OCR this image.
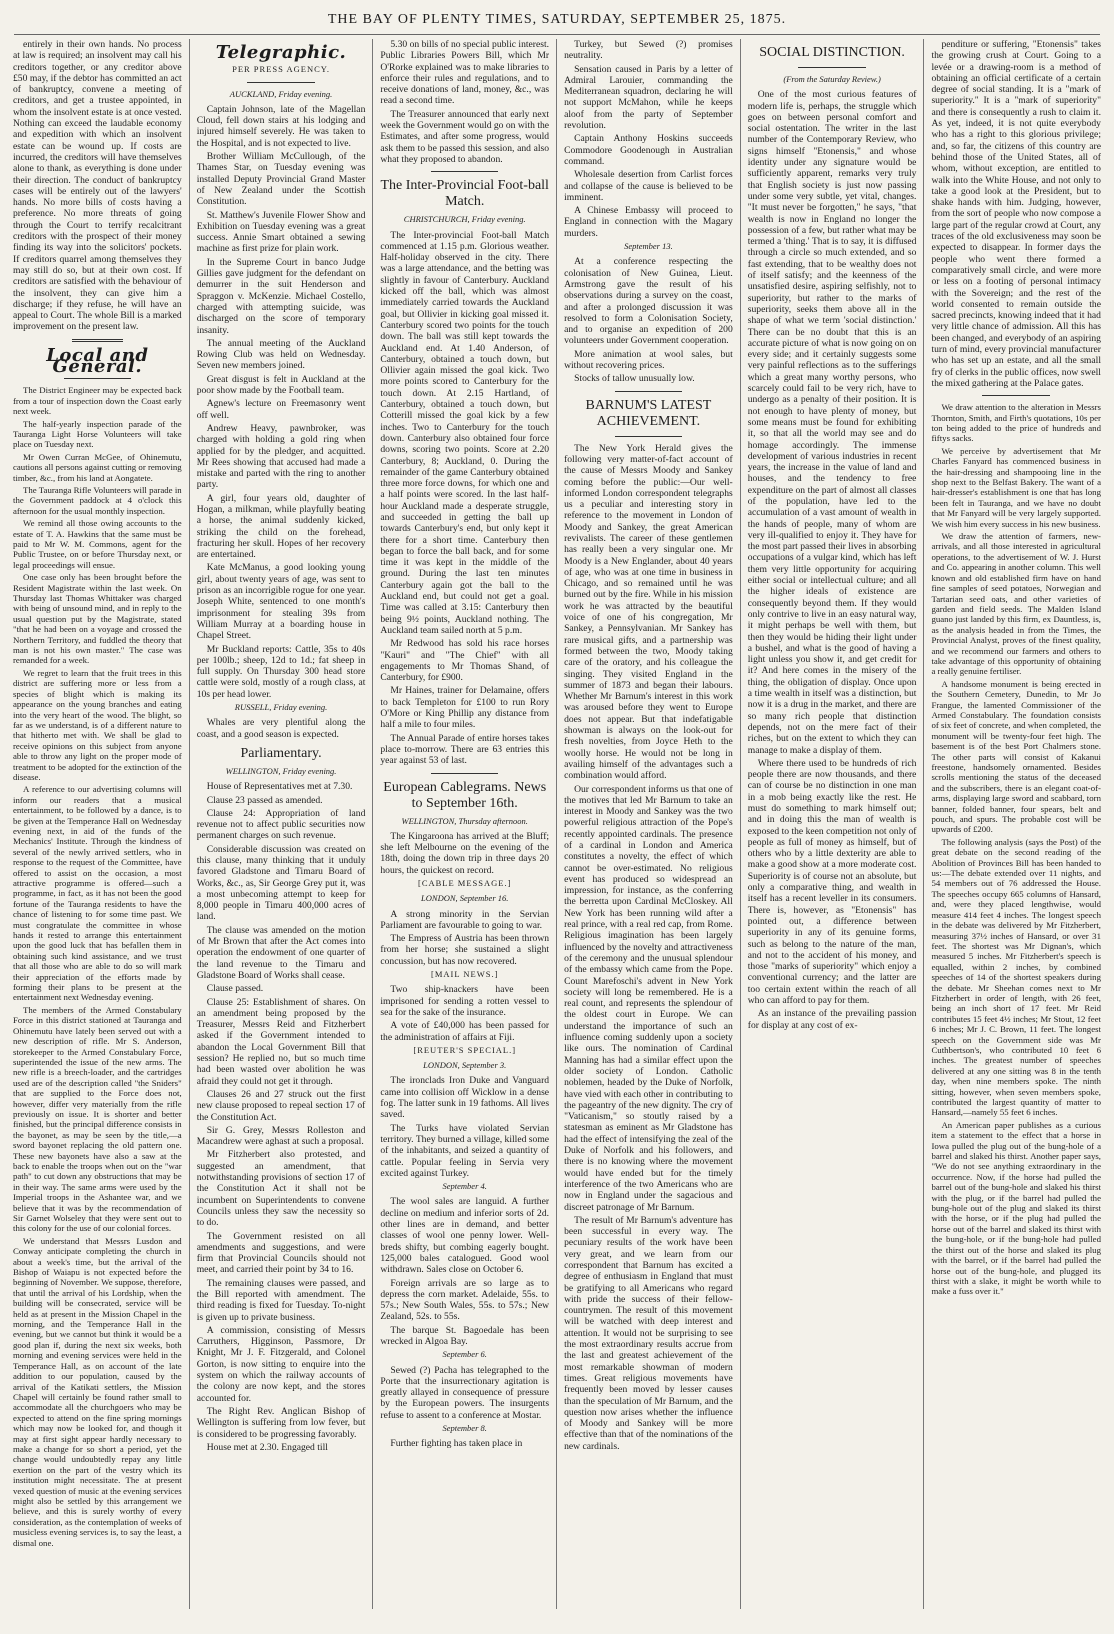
THE BAY OF PLENTY TIMES, SATURDAY, SEPTEMBER 25, 1875.

entirely in their own hands. No process at law is required; an insolvent may call his creditors together, or any creditor above £50 may, if the debtor has committed an act of bankruptcy, convene a meeting of creditors, and get a trustee appointed, in whom the insolvent estate is at once vested. Nothing can exceed the laudable economy and expedition with which an insolvent estate can be wound up. If costs are incurred, the creditors will have themselves alone to thank, as everything is done under their direction. The conduct of bankruptcy cases will be entirely out of the lawyers' hands. No more bills of costs having a preference. No more threats of going through the Court to terrify recalcitrant creditors with the prospect of their money finding its way into the solicitors' pockets. If creditors quarrel among themselves they may still do so, but at their own cost. If creditors are satisfied with the behaviour of the insolvent, they can give him a discharge; if they refuse, he will have an appeal to Court. The whole Bill is a marked improvement on the present law.

Local and General.

The District Engineer may be expected back from a tour of inspection down the Coast early next week.

The half-yearly inspection parade of the Tauranga Light Horse Volunteers will take place on Tuesday next.

Mr Owen Curran McGee, of Ohinemutu, cautions all persons against cutting or removing timber, &c., from his land at Aongatete.

The Tauranga Rifle Volunteers will parade in the Government paddock at 4 o'clock this afternoon for the usual monthly inspection.

We remind all those owing accounts to the estate of T. A. Hawkins that the same must be paid to Mr W. M. Commons, agent for the Public Trustee, on or before Thursday next, or legal proceedings will ensue.

One case only has been brought before the Resident Magistrate within the last week. On Thursday last Thomas Whittaker was charged with being of unsound mind, and in reply to the usual question put by the Magistrate, stated "that he had been on a voyage and crossed the Northern Territory, and fuddled the theory that man is not his own master." The case was remanded for a week.

We regret to learn that the fruit trees in this district are suffering more or less from a species of blight which is making its appearance on the young branches and eating into the very heart of the wood. The blight, so far as we understand, is of a different nature to that hitherto met with. We shall be glad to receive opinions on this subject from anyone able to throw any light on the proper mode of treatment to be adopted for the extinction of the disease.

A reference to our advertising columns will inform our readers that a musical entertainment, to be followed by a dance, is to be given at the Temperance Hall on Wednesday evening next, in aid of the funds of the Mechanics' Institute. Through the kindness of several of the newly arrived settlers, who in response to the request of the Committee, have offered to assist on the occasion, a most attractive programme is offered—such a programme, in fact, as it has not been the good fortune of the Tauranga residents to have the chance of listening to for some time past. We must congratulate the committee in whose hands it rested to arrange this entertainment upon the good luck that has befallen them in obtaining such kind assistance, and we trust that all those who are able to do so will mark their appreciation of the efforts made by forming their plans to be present at the entertainment next Wednesday evening.

The members of the Armed Constabulary Force in this district stationed at Tauranga and Ohinemutu have lately been served out with a new description of rifle. Mr S. Anderson, storekeeper to the Armed Constabulary Force, superintended the issue of the new arms. The new rifle is a breech-loader, and the cartridges used are of the description called "the Sniders" that are supplied to the Force does not, however, differ very materially from the rifle previously on issue. It is shorter and better finished, but the principal difference consists in the bayonet, as may be seen by the title,—a sword bayonet replacing the old pattern one. These new bayonets have also a saw at the back to enable the troops when out on the "war path" to cut down any obstructions that may be in their way. The same arms were used by the Imperial troops in the Ashantee war, and we believe that it was by the recommendation of Sir Garnet Wolseley that they were sent out to this colony for the use of our colonial forces.

We understand that Messrs Lusdon and Conway anticipate completing the church in about a week's time, but the arrival of the Bishop of Waiapu is not expected before the beginning of November. We suppose, therefore, that until the arrival of his Lordship, when the building will be consecrated, service will be held as at present in the Mission Chapel in the morning, and the Temperance Hall in the evening, but we cannot but think it would be a good plan if, during the next six weeks, both morning and evening services were held in the Temperance Hall, as on account of the late addition to our population, caused by the arrival of the Katikati settlers, the Mission Chapel will certainly be found rather small to accommodate all the churchgoers who may be expected to attend on the fine spring mornings which may now be looked for, and though it may at first sight appear hardly necessary to make a change for so short a period, yet the change would undoubtedly repay any little exertion on the part of the vestry which its institution might necessitate. The at present vexed question of music at the evening services might also be settled by this arrangement we believe, and this is surely worthy of every consideration, as the contemplation of weeks of musicless evening services is, to say the least, a dismal one.

Telegraphic.
PER PRESS AGENCY.
AUCKLAND, Friday evening.

Captain Johnson, late of the Magellan Cloud, fell down stairs at his lodging and injured himself severely. He was taken to the Hospital, and is not expected to live.

Brother William McCullough, of the Thames Star, on Tuesday evening was installed Deputy Provincial Grand Master of New Zealand under the Scottish Constitution.

St. Matthew's Juvenile Flower Show and Exhibition on Tuesday evening was a great success. Annie Smart obtained a sewing machine as first prize for plain work.

In the Supreme Court in banco Judge Gillies gave judgment for the defendant on demurrer in the suit Henderson and Spraggon v. McKenzie. Michael Costello, charged with attempting suicide, was discharged on the score of temporary insanity.

The annual meeting of the Auckland Rowing Club was held on Wednesday. Seven new members joined.

Great disgust is felt in Auckland at the poor show made by the Football team.

Agnew's lecture on Freemasonry went off well.

Andrew Heavy, pawnbroker, was charged with holding a gold ring when applied for by the pledger, and acquitted. Mr Rees showing that accused had made a mistake and parted with the ring to another party.

A girl, four years old, daughter of Hogan, a milkman, while playfully beating a horse, the animal suddenly kicked, striking the child on the forehead, fracturing her skull. Hopes of her recovery are entertained.

Kate McManus, a good looking young girl, about twenty years of age, was sent to prison as an incorrigible rogue for one year. Joseph White, sentenced to one month's imprisonment for stealing 39s from William Murray at a boarding house in Chapel Street.

Mr Buckland reports: Cattle, 35s to 40s per 100lb.; sheep, 12d to 1d.; fat sheep in full supply. On Thursday 300 head store cattle were sold, mostly of a rough class, at 10s per head lower.

RUSSELL, Friday evening.

Whales are very plentiful along the coast, and a good season is expected.

Parliamentary.
WELLINGTON, Friday evening.

House of Representatives met at 7.30.

Clause 23 passed as amended.

Clause 24: Appropriation of land revenue not to affect public securities now permanent charges on such revenue.

Considerable discussion was created on this clause, many thinking that it unduly favored Gladstone and Timaru Board of Works, &c., as, Sir George Grey put it, was a most unbecoming attempt to keep for 8,000 people in Timaru 400,000 acres of land.

The clause was amended on the motion of Mr Brown that after the Act comes into operation the endowment of one quarter of the land revenue to the Timaru and Gladstone Board of Works shall cease.

Clause passed.

Clause 25: Establishment of shares. On an amendment being proposed by the Treasurer, Messrs Reid and Fitzherbert asked if the Government intended to abandon the Local Government Bill that session? He replied no, but so much time had been wasted over abolition he was afraid they could not get it through.

Clauses 26 and 27 struck out the first new clause proposed to repeal section 17 of the Constitution Act.

Sir G. Grey, Messrs Rolleston and Macandrew were aghast at such a proposal.

Mr Fitzherbert also protested, and suggested an amendment, that notwithstanding provisions of section 17 of the Constitution Act it shall not be incumbent on Superintendents to convene Councils unless they saw the necessity so to do.

The Government resisted on all amendments and suggestions, and were firm that Provincial Councils should not meet, and carried their point by 34 to 16.

The remaining clauses were passed, and the Bill reported with amendment. The third reading is fixed for Tuesday. To-night is given up to private business.

A commission, consisting of Messrs Carruthers, Higginson, Passmore, Dr Knight, Mr J. F. Fitzgerald, and Colonel Gorton, is now sitting to enquire into the system on which the railway accounts of the colony are now kept, and the stores accounted for.

The Right Rev. Anglican Bishop of Wellington is suffering from low fever, but is considered to be progressing favorably.

House met at 2.30. Engaged till

5.30 on bills of no special public interest. Public Libraries Powers Bill, which Mr O'Rorke explained was to make libraries to enforce their rules and regulations, and to receive donations of land, money, &c., was read a second time.

The Treasurer announced that early next week the Government would go on with the Estimates, and after some progress, would ask them to be passed this session, and also what they proposed to abandon.

The Inter-Provincial Foot-ball Match.
CHRISTCHURCH, Friday evening.

The Inter-provincial Foot-ball Match commenced at 1.15 p.m. Glorious weather. Half-holiday observed in the city. There was a large attendance, and the betting was slightly in favour of Canterbury. Auckland kicked off the ball, which was almost immediately carried towards the Auckland goal, but Ollivier in kicking goal missed it. Canterbury scored two points for the touch down. The ball was still kept towards the Auckland end. At 1.40 Anderson, of Canterbury, obtained a touch down, but Ollivier again missed the goal kick. Two more points scored to Canterbury for the touch down. At 2.15 Hartland, of Canterbury, obtained a touch down, but Cotterill missed the goal kick by a few inches. Two to Canterbury for the touch down. Canterbury also obtained four force downs, scoring two points. Score at 2.20 Canterbury, 8; Auckland, 0. During the remainder of the game Canterbury obtained three more force downs, for which one and a half points were scored. In the last half-hour Auckland made a desperate struggle, and succeeded in getting the ball up towards Canterbury's end, but only kept it there for a short time. Canterbury then began to force the ball back, and for some time it was kept in the middle of the ground. During the last ten minutes Canterbury again got the ball to the Auckland end, but could not get a goal. Time was called at 3.15: Canterbury then being 9½ points, Auckland nothing. The Auckland team sailed north at 5 p.m.

Mr Redwood has sold his race horses "Kauri" and "The Chief" with all engagements to Mr Thomas Shand, of Canterbury, for £900.

Mr Haines, trainer for Delamaine, offers to back Templeton for £100 to run Rory O'More or King Phillip any distance from half a mile to four miles.

The Annual Parade of entire horses takes place to-morrow. There are 63 entries this year against 53 of last.

European Cablegrams. News to September 16th.
WELLINGTON, Thursday afternoon.

The Kingaroona has arrived at the Bluff; she left Melbourne on the evening of the 18th, doing the down trip in three days 20 hours, the quickest on record.

[CABLE MESSAGE.]
LONDON, September 16.

A strong minority in the Servian Parliament are favourable to going to war.

The Empress of Austria has been thrown from her horse; she sustained a slight concussion, but has now recovered.

[MAIL NEWS.]

Two ship-knackers have been imprisoned for sending a rotten vessel to sea for the sake of the insurance.

A vote of £40,000 has been passed for the administration of affairs at Fiji.

[REUTER'S SPECIAL.]
LONDON, September 3.

The ironclads Iron Duke and Vanguard came into collision off Wicklow in a dense fog. The latter sunk in 19 fathoms. All lives saved.

The Turks have violated Servian territory. They burned a village, killed some of the inhabitants, and seized a quantity of cattle. Popular feeling in Servia very excited against Turkey.

September 4.

The wool sales are languid. A further decline on medium and inferior sorts of 2d. other lines are in demand, and better classes of wool one penny lower. Well-breds shifty, but combing eagerly bought. 125,000 bales catalogued. Good wool withdrawn. Sales close on October 6.

Foreign arrivals are so large as to depress the corn market. Adelaide, 55s. to 57s.; New South Wales, 55s. to 57s.; New Zealand, 52s. to 55s.

The barque St. Bagoedale has been wrecked in Algoa Bay.

September 6.

Sewed (?) Pacha has telegraphed to the Porte that the insurrectionary agitation is greatly allayed in consequence of pressure by the European powers. The insurgents refuse to assent to a conference at Mostar.

September 8.

Further fighting has taken place in

Turkey, but Sewed (?) promises neutrality.

Sensation caused in Paris by a letter of Admiral Larouier, commanding the Mediterranean squadron, declaring he will not support McMahon, while he keeps aloof from the party of September revolution.

Captain Anthony Hoskins succeeds Commodore Goodenough in Australian command.

Wholesale desertion from Carlist forces and collapse of the cause is believed to be imminent.

A Chinese Embassy will proceed to England in connection with the Magary murders.

September 13.

At a conference respecting the colonisation of New Guinea, Lieut. Armstrong gave the result of his observations during a survey on the coast, and after a prolonged discussion it was resolved to form a Colonisation Society, and to organise an expedition of 200 volunteers under Government cooperation.

More animation at wool sales, but without recovering prices.

Stocks of tallow unusually low.

BARNUM'S LATEST ACHIEVEMENT.

The New York Herald gives the following very matter-of-fact account of the cause of Messrs Moody and Sankey coming before the public:—Our well-informed London correspondent telegraphs us a peculiar and interesting story in reference to the movement in London of Moody and Sankey, the great American revivalists. The career of these gentlemen has really been a very singular one. Mr Moody is a New Englander, about 40 years of age, who was at one time in business in Chicago, and so remained until he was burned out by the fire. While in his mission work he was attracted by the beautiful voice of one of his congregation, Mr Sankey, a Pennsylvanian. Mr Sankey has rare musical gifts, and a partnership was formed between the two, Moody taking care of the oratory, and his colleague the singing. They visited England in the summer of 1873 and began their labours. Whether Mr Barnum's interest in this work was aroused before they went to Europe does not appear. But that indefatigable showman is always on the look-out for fresh novelties, from Joyce Heth to the woolly horse. He would not be long in availing himself of the advantages such a combination would afford.

Our correspondent informs us that one of the motives that led Mr Barnum to take an interest in Moody and Sankey was the two powerful religious attraction of the Pope's recently appointed cardinals. The presence of a cardinal in London and America constitutes a novelty, the effect of which cannot be over-estimated. No religious event has produced so widespread an impression, for instance, as the conferring the berretta upon Cardinal McCloskey. All New York has been running wild after a real prince, with a real red cap, from Rome. Religious imagination has been largely influenced by the novelty and attractiveness of the ceremony and the unusual splendour of the embassy which came from the Pope. Count Marefoschi's advent in New York society will long be remembered. He is a real count, and represents the splendour of the oldest court in Europe. We can understand the importance of such an influence coming suddenly upon a society like ours. The nomination of Cardinal Manning has had a similar effect upon the older society of London. Catholic noblemen, headed by the Duke of Norfolk, have vied with each other in contributing to the pageantry of the new dignity. The cry of "Vaticanism," so stoutly raised by a statesman as eminent as Mr Gladstone has had the effect of intensifying the zeal of the Duke of Norfolk and his followers, and there is no knowing where the movement would have ended but for the timely interference of the two Americans who are now in England under the sagacious and discreet patronage of Mr Barnum.

The result of Mr Barnum's adventure has been successful in every way. The pecuniary results of the work have been very great, and we learn from our correspondent that Barnum has excited a degree of enthusiasm in England that must be gratifying to all Americans who regard with pride the success of their fellow-countrymen. The result of this movement will be watched with deep interest and attention. It would not be surprising to see the most extraordinary results accrue from the last and greatest achievement of the most remarkable showman of modern times. Great religious movements have frequently been moved by lesser causes than the speculation of Mr Barnum, and the question now arises whether the influence of Moody and Sankey will be more effective than that of the nominations of the new cardinals.

SOCIAL DISTINCTION.
(From the Saturday Review.)

One of the most curious features of modern life is, perhaps, the struggle which goes on between personal comfort and social ostentation. The writer in the last number of the Contemporary Review, who signs himself "Etonensis," and whose identity under any signature would be sufficiently apparent, remarks very truly that English society is just now passing under some very subtle, yet vital, changes. "It must never be forgotten," he says, "that wealth is now in England no longer the possession of a few, but rather what may be termed a 'thing.' That is to say, it is diffused through a circle so much extended, and so fast extending, that to be wealthy does not of itself satisfy; and the keenness of the unsatisfied desire, aspiring selfishly, not to superiority, but rather to the marks of superiority, seeks them above all in the shape of what we term 'social distinction.' There can be no doubt that this is an accurate picture of what is now going on on every side; and it certainly suggests some very painful reflections as to the sufferings which a great many worthy persons, who scarcely could fail to be very rich, have to undergo as a penalty of their position. It is not enough to have plenty of money, but some means must be found for exhibiting it, so that all the world may see and do homage accordingly. The immense development of various industries in recent years, the increase in the value of land and houses, and the tendency to free expenditure on the part of almost all classes of the population, have led to the accumulation of a vast amount of wealth in the hands of people, many of whom are very ill-qualified to enjoy it. They have for the most part passed their lives in absorbing occupations of a vulgar kind, which has left them very little opportunity for acquiring either social or intellectual culture; and all the higher ideals of existence are consequently beyond them. If they would only contrive to live in an easy natural way, it might perhaps be well with them, but then they would be hiding their light under a bushel, and what is the good of having a light unless you show it, and get credit for it? And here comes in the misery of the thing, the obligation of display. Once upon a time wealth in itself was a distinction, but now it is a drug in the market, and there are so many rich people that distinction depends, not on the mere fact of their riches, but on the extent to which they can manage to make a display of them.

Where there used to be hundreds of rich people there are now thousands, and there can of course be no distinction in one man in a mob being exactly like the rest. He must do something to mark himself out; and in doing this the man of wealth is exposed to the keen competition not only of people as full of money as himself, but of others who by a little dexterity are able to make a good show at a more moderate cost. Superiority is of course not an absolute, but only a comparative thing, and wealth in itself has a recent leveller in its consumers. There is, however, as "Etonensis" has pointed out, a difference between superiority in any of its genuine forms, such as belong to the nature of the man, and not to the accident of his money, and those "marks of superiority" which enjoy a conventional currency; and the latter are too certain extent within the reach of all who can afford to pay for them.

As an instance of the prevailing passion for display at any cost of ex-

penditure or suffering, "Etonensis" takes the growing crush at Court. Going to a levée or a drawing-room is a method of obtaining an official certificate of a certain degree of social standing. It is a "mark of superiority." It is a "mark of superiority" and there is consequently a rush to claim it. As yet, indeed, it is not quite everybody who has a right to this glorious privilege; and, so far, the citizens of this country are behind those of the United States, all of whom, without exception, are entitled to walk into the White House, and not only to take a good look at the President, but to shake hands with him. Judging, however, from the sort of people who now compose a large part of the regular crowd at Court, any traces of the old exclusiveness may soon be expected to disappear. In former days the people who went there formed a comparatively small circle, and were more or less on a footing of personal intimacy with the Sovereign; and the rest of the world consented to remain outside the sacred precincts, knowing indeed that it had very little chance of admission. All this has been changed, and everybody of an aspiring turn of mind, every provincial manufacturer who has set up an estate, and all the small fry of clerks in the public offices, now swell the mixed gathering at the Palace gates.

We draw attention to the alteration in Messrs Thornton, Smith, and Firth's quotations, 10s per ton being added to the price of hundreds and fiftys sacks.

We perceive by advertisement that Mr Charles Fanyard has commenced business in the hair-dressing and shampooing line in the shop next to the Belfast Bakery. The want of a hair-dresser's establishment is one that has long been felt in Tauranga, and we have no doubt that Mr Fanyard will be very largely supported. We wish him every success in his new business.

We draw the attention of farmers, new-arrivals, and all those interested in agricultural operations, to the advertisement of W. J. Hurst and Co. appearing in another column. This well known and old established firm have on hand fine samples of seed potatoes, Norwegian and Tartarian seed oats, and other varieties of garden and field seeds. The Malden Island guano just landed by this firm, ex Dauntless, is, as the analysis headed in from the Times, the Provincial Analyst, proves of the finest quality, and we recommend our farmers and others to take advantage of this opportunity of obtaining a really genuine fertiliser.

A handsome monument is being erected in the Southern Cemetery, Dunedin, to Mr Jo Frangue, the lamented Commissioner of the Armed Constabulary. The foundation consists of six feet of concrete, and when completed, the monument will be twenty-four feet high. The basement is of the best Port Chalmers stone. The other parts will consist of Kakanui freestone, handsomely ornamented. Besides scrolls mentioning the status of the deceased and the subscribers, there is an elegant coat-of-arms, displaying large sword and scabbard, torn banner, folded banner, four spears, belt and pouch, and spurs. The probable cost will be upwards of £200.

The following analysis (says the Post) of the great debate on the second reading of the Abolition of Provinces Bill has been handed to us:—The debate extended over 11 nights, and 54 members out of 76 addressed the House. The speeches occupy 665 columns of Hansard, and, were they placed lengthwise, would measure 414 feet 4 inches. The longest speech in the debate was delivered by Mr Fitzherbert, measuring 37½ inches of Hansard, or over 31 feet. The shortest was Mr Dignan's, which measured 5 inches. Mr Fitzherbert's speech is equalled, within 2 inches, by combined speeches of 14 of the shortest speakers during the debate. Mr Sheehan comes next to Mr Fitzherbert in order of length, with 26 feet, being an inch short of 17 feet. Mr Reid contributes 15 feet 4½ inches; Mr Stout, 12 feet 6 inches; Mr J. C. Brown, 11 feet. The longest speech on the Government side was Mr Cuthbertson's, who contributed 10 feet 6 inches. The greatest number of speeches delivered at any one sitting was 8 in the tenth day, when nine members spoke. The ninth sitting, however, when seven members spoke, contributed the largest quantity of matter to Hansard,—namely 55 feet 6 inches.

An American paper publishes as a curious item a statement to the effect that a horse in Iowa pulled the plug out of the bung-hole of a barrel and slaked his thirst. Another paper says, "We do not see anything extraordinary in the occurrence. Now, if the horse had pulled the barrel out of the bung-hole and slaked his thirst with the plug, or if the barrel had pulled the bung-hole out of the plug and slaked its thirst with the horse, or if the plug had pulled the horse out of the barrel and slaked its thirst with the bung-hole, or if the bung-hole had pulled the thirst out of the horse and slaked its plug with the barrel, or if the barrel had pulled the horse out of the bung-hole, and plugged its thirst with a slake, it might be worth while to make a fuss over it."
